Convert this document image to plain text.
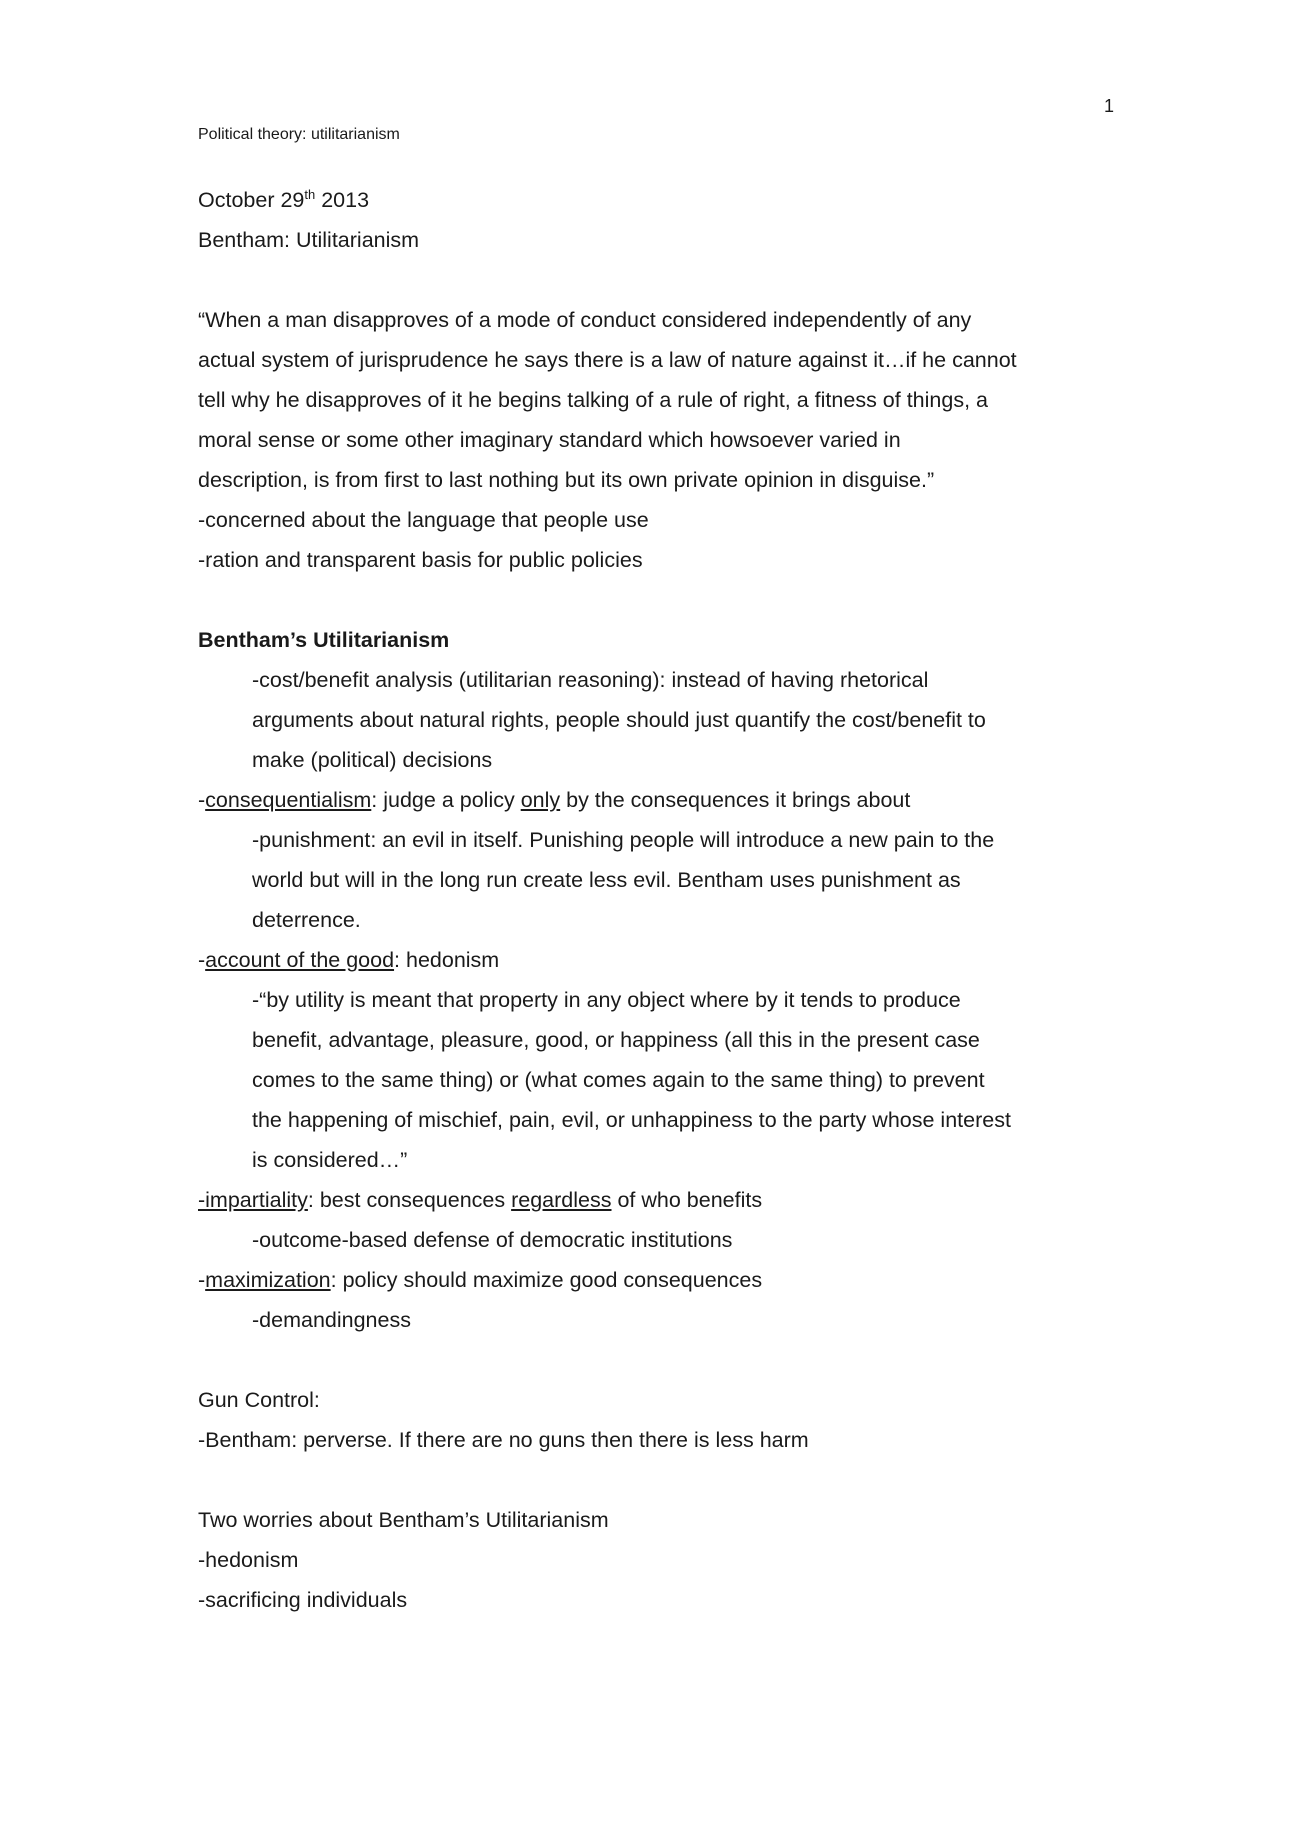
1
Political theory: utilitarianism
October 29th 2013
Bentham: Utilitarianism
“When a man disapproves of a mode of conduct considered independently of any
actual system of jurisprudence he says there is a law of nature against it…if he cannot
tell why he disapproves of it he begins talking of a rule of right, a fitness of things, a
moral sense or some other imaginary standard which howsoever varied in
description, is from first to last nothing but its own private opinion in disguise.”
-concerned about the language that people use
-ration and transparent basis for public policies
Bentham’s Utilitarianism
-cost/benefit analysis (utilitarian reasoning): instead of having rhetorical
arguments about natural rights, people should just quantify the cost/benefit to
make (political) decisions
-consequentialism: judge a policy only by the consequences it brings about
-punishment: an evil in itself. Punishing people will introduce a new pain to the
world but will in the long run create less evil. Bentham uses punishment as
deterrence.
-account of the good: hedonism
-“by utility is meant that property in any object where by it tends to produce
benefit, advantage, pleasure, good, or happiness (all this in the present case
comes to the same thing) or (what comes again to the same thing) to prevent
the happening of mischief, pain, evil, or unhappiness to the party whose interest
is considered…”
-impartiality: best consequences regardless of who benefits
-outcome-based defense of democratic institutions
-maximization: policy should maximize good consequences
-demandingness
Gun Control:
-Bentham: perverse. If there are no guns then there is less harm
Two worries about Bentham’s Utilitarianism
-hedonism
-sacrificing individuals
